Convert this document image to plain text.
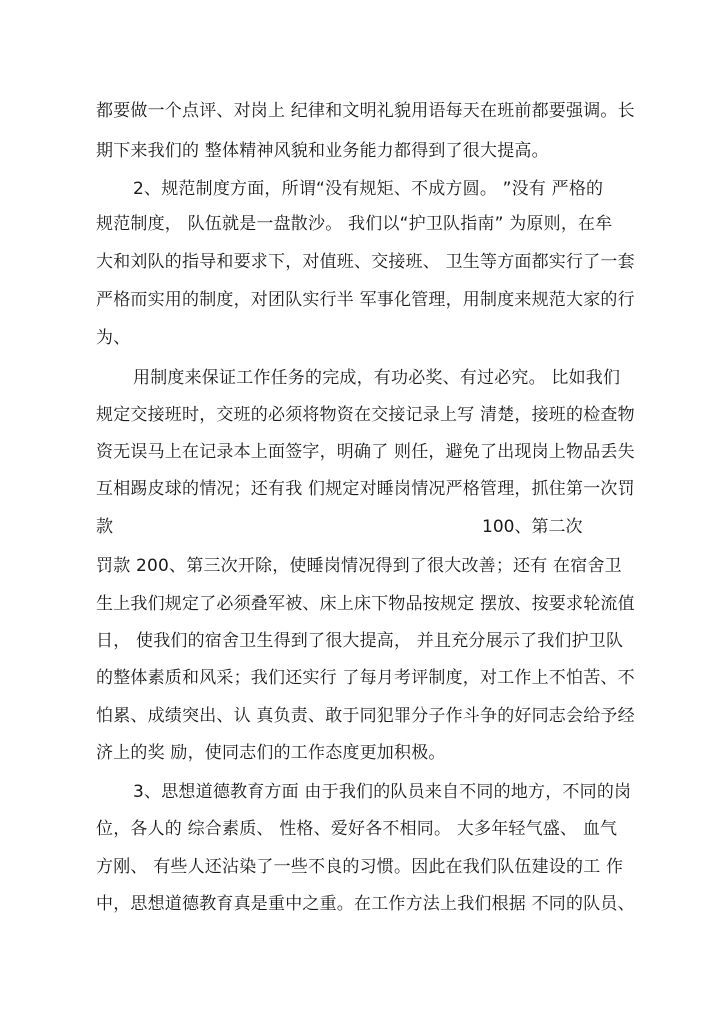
都要做一个点评、对岗上 纪律和文明礼貌用语每天在班前都要强调。长
期下来我们的 整体精神风貌和业务能力都得到了很大提高。
2、规范制度方面，所谓“没有规矩、不成方圆。 ”没有 严格的
规范制度， 队伍就是一盘散沙。 我们以“护卫队指南” 为原则，在牟
大和刘队的指导和要求下，对值班、交接班、 卫生等方面都实行了一套
严格而实用的制度，对团队实行半 军事化管理，用制度来规范大家的行
为、
用制度来保证工作任务的完成，有功必奖、有过必究。 比如我们
规定交接班时，交班的必须将物资在交接记录上写 清楚，接班的检查物
资无误马上在记录本上面签字，明确了 则任，避免了出现岗上物品丢失
互相踢皮球的情况；还有我 们规定对睡岗情况严格管理，抓住第一次罚
款	100、第二次
罚款 200、第三次开除，使睡岗情况得到了很大改善；还有 在宿舍卫
生上我们规定了必须叠军被、床上床下物品按规定 摆放、按要求轮流值
日， 使我们的宿舍卫生得到了很大提高， 并且充分展示了我们护卫队
的整体素质和风采；我们还实行 了每月考评制度，对工作上不怕苦、不
怕累、成绩突出、认 真负责、敢于同犯罪分子作斗争的好同志会给予经
济上的奖 励，使同志们的工作态度更加积极。
3、思想道德教育方面 由于我们的队员来自不同的地方，不同的岗
位，各人的 综合素质、 性格、爱好各不相同。 大多年轻气盛、 血气
方刚、 有些人还沾染了一些不良的习惯。因此在我们队伍建设的工 作
中，思想道德教育真是重中之重。在工作方法上我们根据 不同的队员、
